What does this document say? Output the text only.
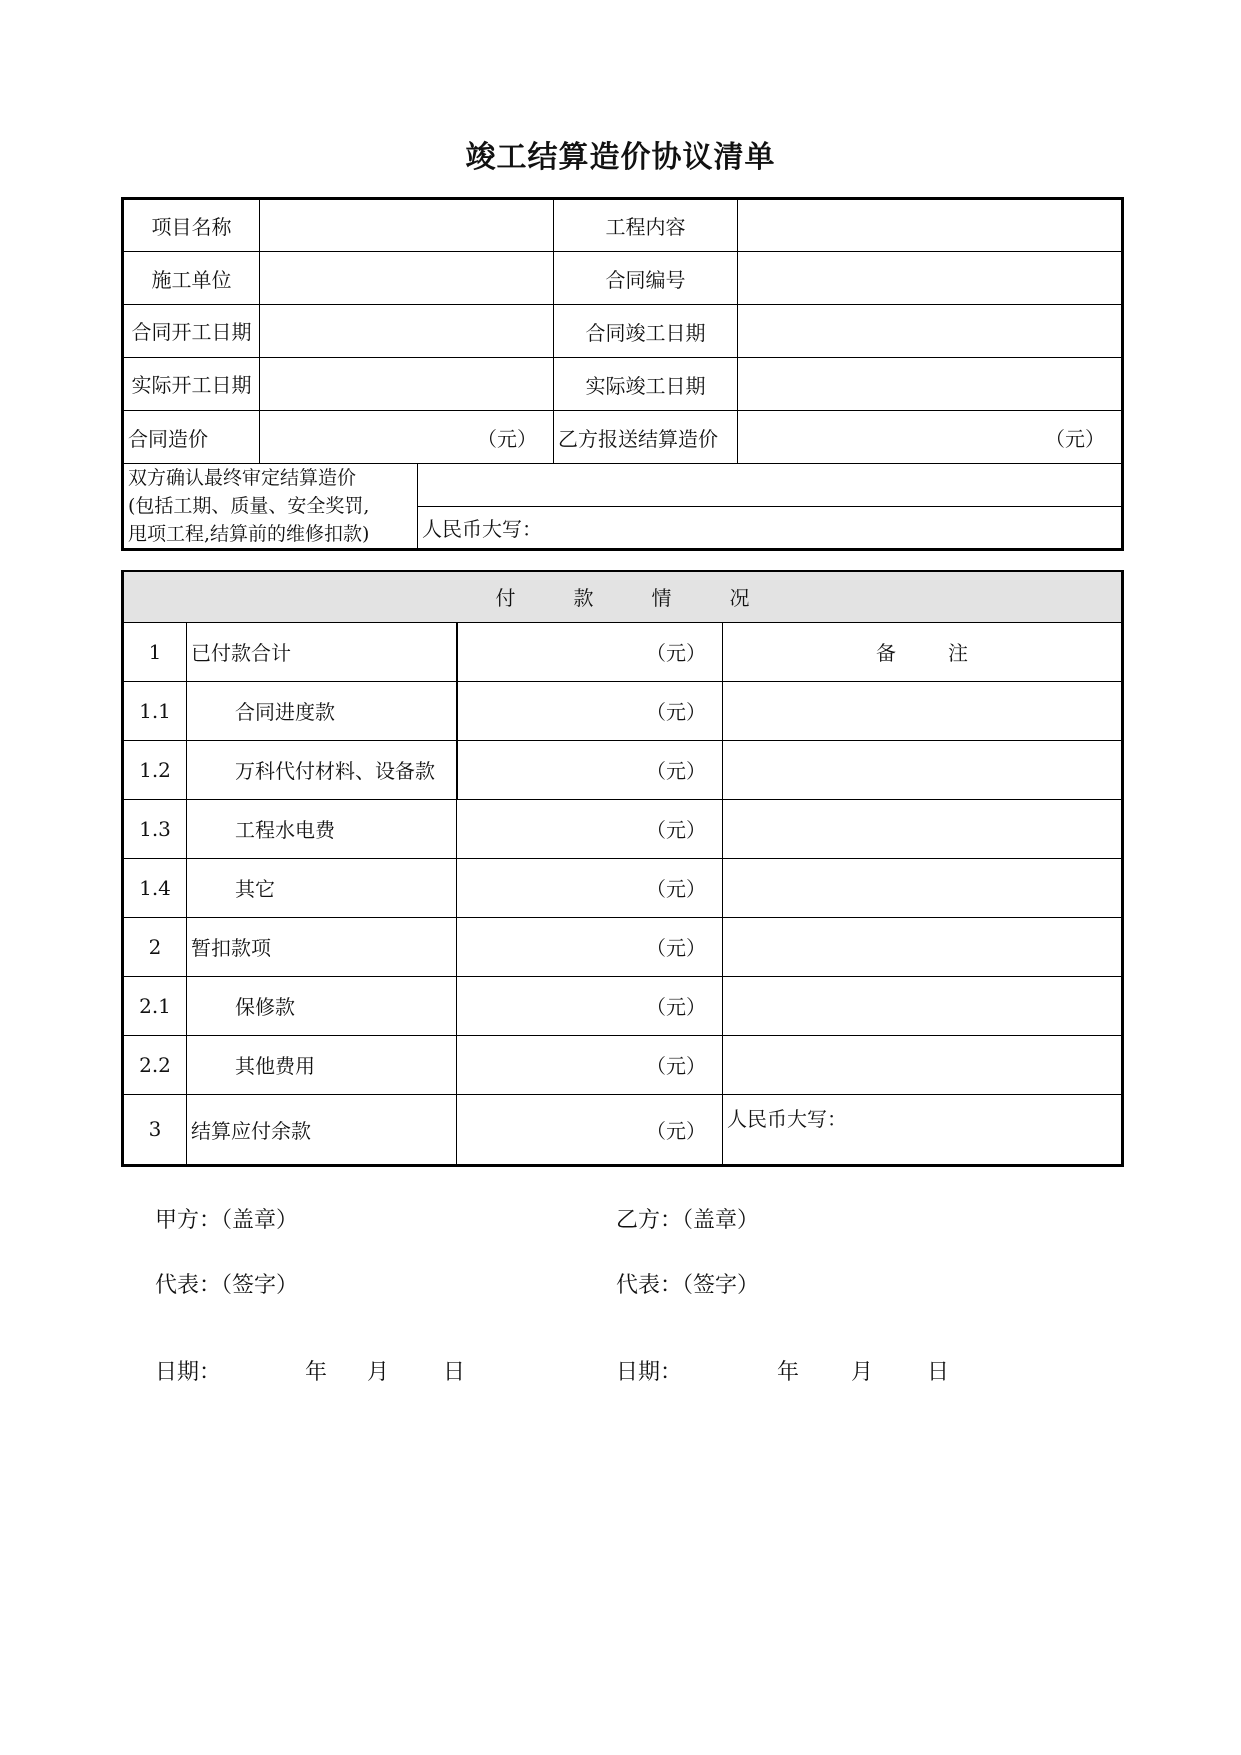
竣工结算造价协议清单
项目名称			工程内容	
施工单位			合同编号	
合同开工日期			合同竣工日期	
实际开工日期			实际竣工日期	
合同造价	（元）		乙方报送结算造价	（元）

双方确认最终审定结算造价
(包括工期、质量、安全奖罚,
甩项工程,结算前的维修扣款)				

		人民币大写：		
付款情况			
1	已付款合计	（元）	备注
1.1	合同进度款	（元）	
1.2	万科代付材料、设备款	（元）	
1.3	工程水电费	（元）	
1.4	其它	（元）	
2	暂扣款项	（元）	
2.1	保修款	（元）	
2.2	其他费用	（元）	
3	结算应付余款	（元）	人民币大写：
甲方：（盖章）	乙方：（盖章）
代表：（签字）	代表：（签字）
日期：	年 月 日	日期：	年 月 日
